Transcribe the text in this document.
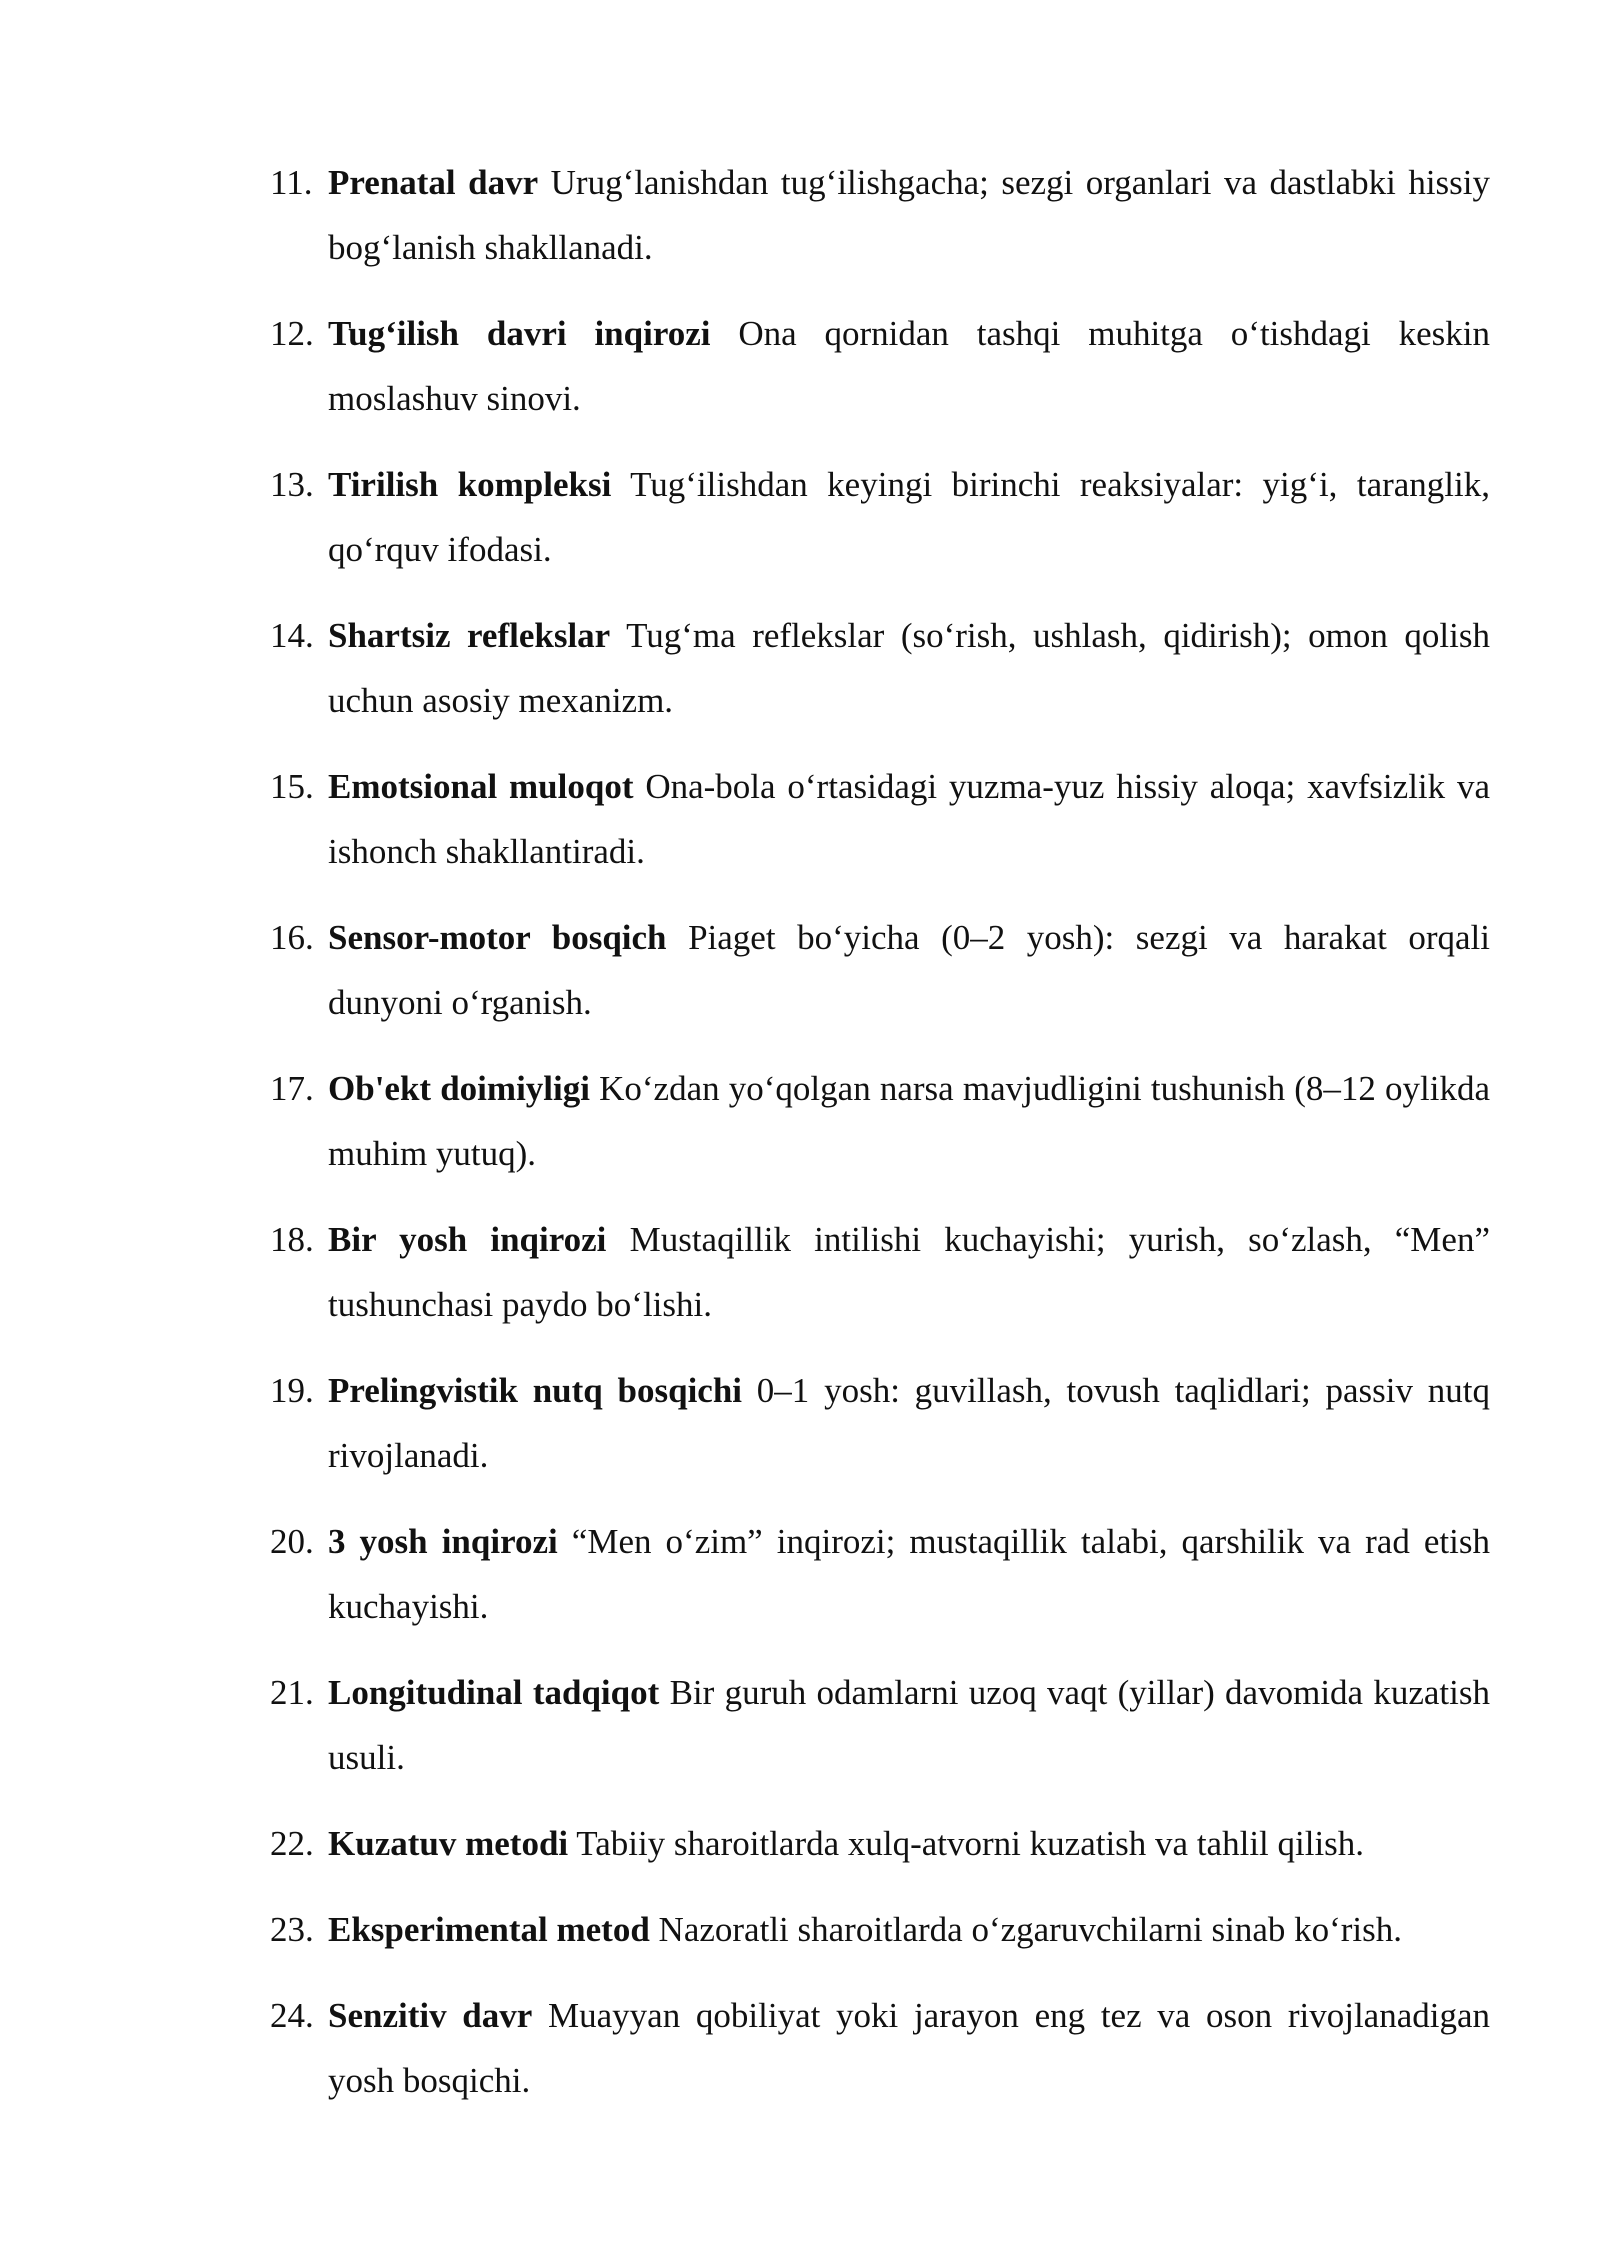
11. Prenatal davr Urug‘lanishdan tug‘ilishgacha; sezgi organlari va dastlabki hissiy bog‘lanish shakllanadi.
12. Tug‘ilish davri inqirozi Ona qornidan tashqi muhitga o‘tishdagi keskin moslashuv sinovi.
13. Tirilish kompleksi Tug‘ilishdan keyingi birinchi reaksiyalar: yig‘i, taranglik, qo‘rquv ifodasi.
14. Shartsiz reflekslar Tug‘ma reflekslar (so‘rish, ushlash, qidirish); omon qolish uchun asosiy mexanizm.
15. Emotsional muloqot Ona-bola o‘rtasidagi yuzma-yuz hissiy aloqa; xavfsizlik va ishonch shakllantiradi.
16. Sensor-motor bosqich Piaget bo‘yicha (0–2 yosh): sezgi va harakat orqali dunyoni o‘rganish.
17. Ob'ekt doimiyligi Ko‘zdan yo‘qolgan narsa mavjudligini tushunish (8–12 oylikda muhim yutuq).
18. Bir yosh inqirozi Mustaqillik intilishi kuchayishi; yurish, so‘zlash, “Men” tushunchasi paydo bo‘lishi.
19. Prelingvistik nutq bosqichi 0–1 yosh: guvillash, tovush taqlidlari; passiv nutq rivojlanadi.
20. 3 yosh inqirozi “Men o‘zim” inqirozi; mustaqillik talabi, qarshilik va rad etish kuchayishi.
21. Longitudinal tadqiqot Bir guruh odamlarni uzoq vaqt (yillar) davomida kuzatish usuli.
22. Kuzatuv metodi Tabiiy sharoitlarda xulq-atvorni kuzatish va tahlil qilish.
23. Eksperimental metod Nazoratli sharoitlarda o‘zgaruvchilarni sinab ko‘rish.
24. Senzitiv davr Muayyan qobiliyat yoki jarayon eng tez va oson rivojlanadigan yosh bosqichi.
